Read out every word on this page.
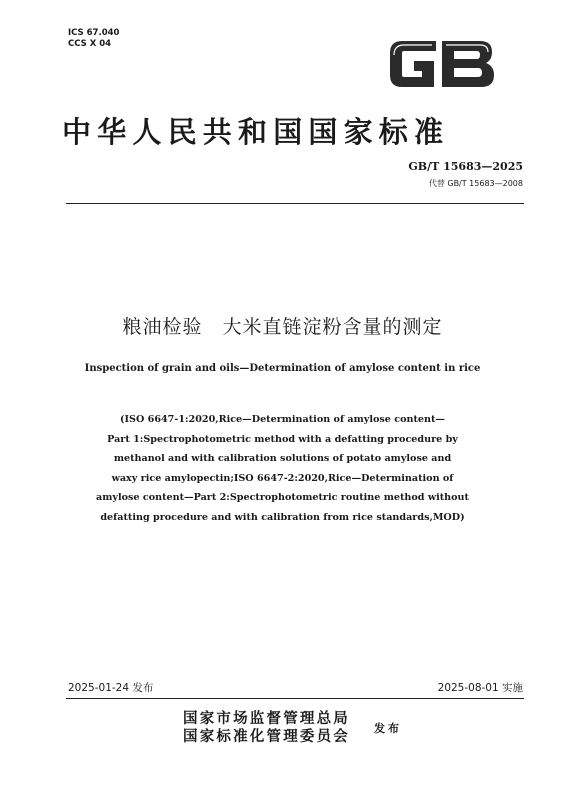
ICS 67.040
CCS X 04
中华人民共和国国家标准
GB/T 15683—2025
代替 GB/T 15683—2008
粮油检验　大米直链淀粉含量的测定
Inspection of grain and oils—Determination of amylose content in rice
(ISO 6647-1:2020,Rice—Determination of amylose content—
Part 1:Spectrophotometric method with a defatting procedure by
methanol and with calibration solutions of potato amylose and
waxy rice amylopectin;ISO 6647-2:2020,Rice—Determination of
amylose content—Part 2:Spectrophotometric routine method without
defatting procedure and with calibration from rice standards,MOD)
2025-01-24 发布	2025-08-01 实施
国家市场监督管理总局
国家标准化管理委员会 发布
